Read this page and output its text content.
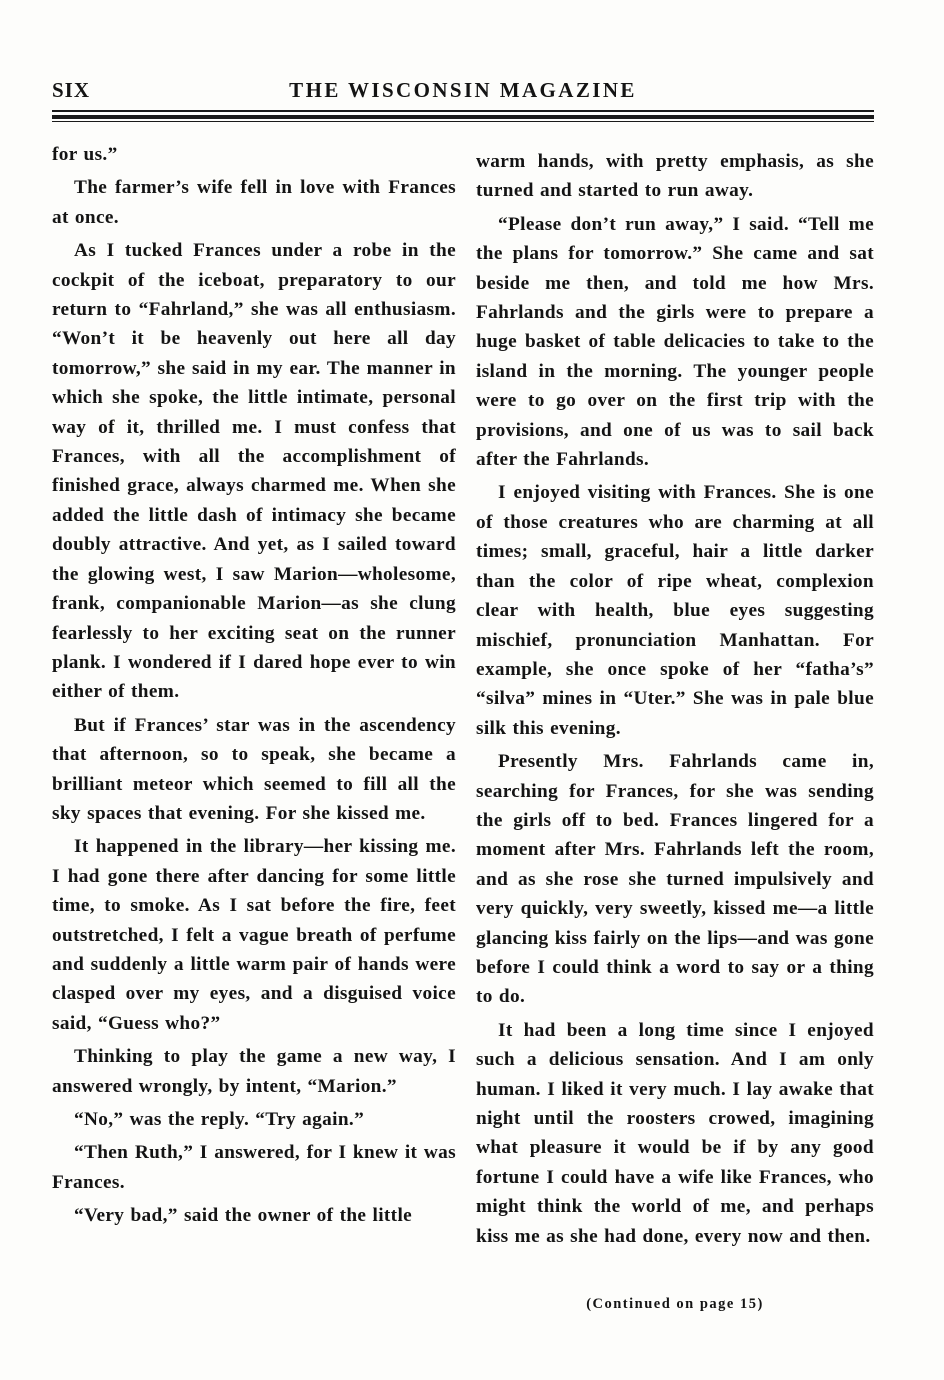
SIX	THE WISCONSIN MAGAZINE

for us.”

The farmer’s wife fell in love with Frances at once.

As I tucked Frances under a robe in the cockpit of the iceboat, preparatory to our return to “Fahrland,” she was all enthusiasm. “Won’t it be heavenly out here all day tomorrow,” she said in my ear. The manner in which she spoke, the little intimate, personal way of it, thrilled me. I must confess that Frances, with all the accomplishment of finished grace, always charmed me. When she added the little dash of intimacy she became doubly attractive. And yet, as I sailed toward the glowing west, I saw Marion—wholesome, frank, companionable Marion—as she clung fearlessly to her exciting seat on the runner plank. I wondered if I dared hope ever to win either of them.

But if Frances’ star was in the ascendency that afternoon, so to speak, she became a brilliant meteor which seemed to fill all the sky spaces that evening. For she kissed me.

It happened in the library—her kissing me. I had gone there after dancing for some little time, to smoke. As I sat before the fire, feet outstretched, I felt a vague breath of perfume and suddenly a little warm pair of hands were clasped over my eyes, and a disguised voice said, “Guess who?”

Thinking to play the game a new way, I answered wrongly, by intent, “Marion.”

“No,” was the reply. “Try again.”

“Then Ruth,” I answered, for I knew it was Frances.

“Very bad,” said the owner of the little

warm hands, with pretty emphasis, as she turned and started to run away.

“Please don’t run away,” I said. “Tell me the plans for tomorrow.” She came and sat beside me then, and told me how Mrs. Fahrlands and the girls were to prepare a huge basket of table delicacies to take to the island in the morning. The younger people were to go over on the first trip with the provisions, and one of us was to sail back after the Fahrlands.

I enjoyed visiting with Frances. She is one of those creatures who are charming at all times; small, graceful, hair a little darker than the color of ripe wheat, complexion clear with health, blue eyes suggesting mischief, pronunciation Manhattan. For example, she once spoke of her “fatha’s” “silva” mines in “Uter.” She was in pale blue silk this evening.

Presently Mrs. Fahrlands came in, searching for Frances, for she was sending the girls off to bed. Frances lingered for a moment after Mrs. Fahrlands left the room, and as she rose she turned impulsively and very quickly, very sweetly, kissed me—a little glancing kiss fairly on the lips—and was gone before I could think a word to say or a thing to do.

It had been a long time since I enjoyed such a delicious sensation. And I am only human. I liked it very much. I lay awake that night until the roosters crowed, imagining what pleasure it would be if by any good fortune I could have a wife like Frances, who might think the world of me, and perhaps kiss me as she had done, every now and then.

(Continued on page 15)
